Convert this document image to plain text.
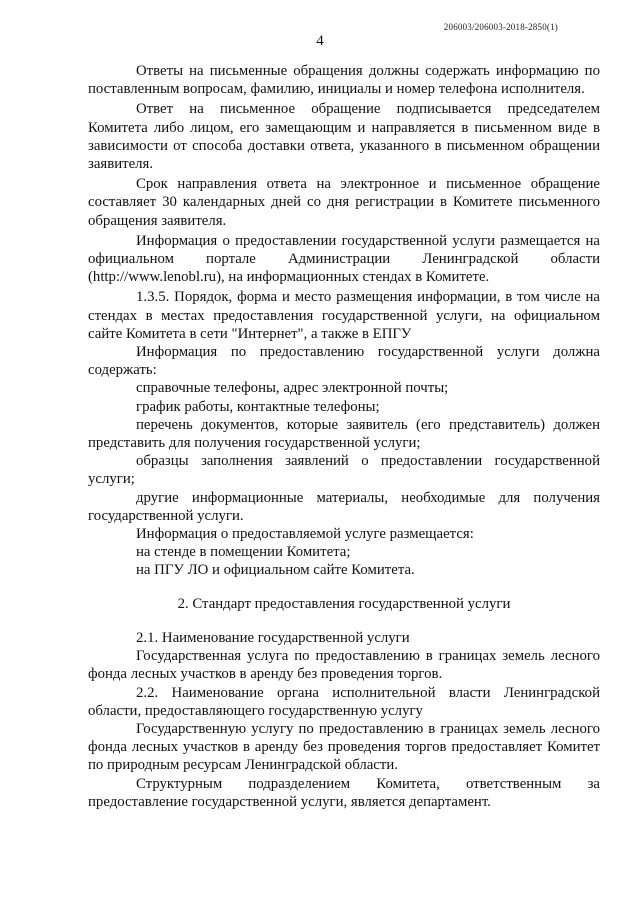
206003/206003-2018-2850(1)
4

Ответы на письменные обращения должны содержать информацию по поставленным вопросам, фамилию, инициалы и номер телефона исполнителя.

Ответ на письменное обращение подписывается председателем Комитета либо лицом, его замещающим и направляется в письменном виде в зависимости от способа доставки ответа, указанного в письменном обращении заявителя.

Срок направления ответа на электронное и письменное обращение составляет 30 календарных дней со дня регистрации в Комитете письменного обращения заявителя.

Информация о предоставлении государственной услуги размещается на официальном портале Администрации Ленинградской области (http://www.lenobl.ru), на информационных стендах в Комитете.

1.3.5. Порядок, форма и место размещения информации, в том числе на стендах в местах предоставления государственной услуги, на официальном сайте Комитета в сети "Интернет", а также в ЕПГУ

Информация по предоставлению государственной услуги должна содержать:

справочные телефоны, адрес электронной почты;

график работы, контактные телефоны;

перечень документов, которые заявитель (его представитель) должен представить для получения государственной услуги;

образцы заполнения заявлений о предоставлении государственной услуги;

другие информационные материалы, необходимые для получения государственной услуги.

Информация о предоставляемой услуге размещается:

на стенде в помещении Комитета;

на ПГУ ЛО и официальном сайте Комитета.

2. Стандарт предоставления государственной услуги

2.1. Наименование государственной услуги

Государственная услуга по предоставлению в границах земель лесного фонда лесных участков в аренду без проведения торгов.

2.2. Наименование органа исполнительной власти Ленинградской области, предоставляющего государственную услугу

Государственную услугу по предоставлению в границах земель лесного фонда лесных участков в аренду без проведения торгов предоставляет Комитет по природным ресурсам Ленинградской области.

Структурным подразделением Комитета, ответственным за предоставление государственной услуги, является департамент.
